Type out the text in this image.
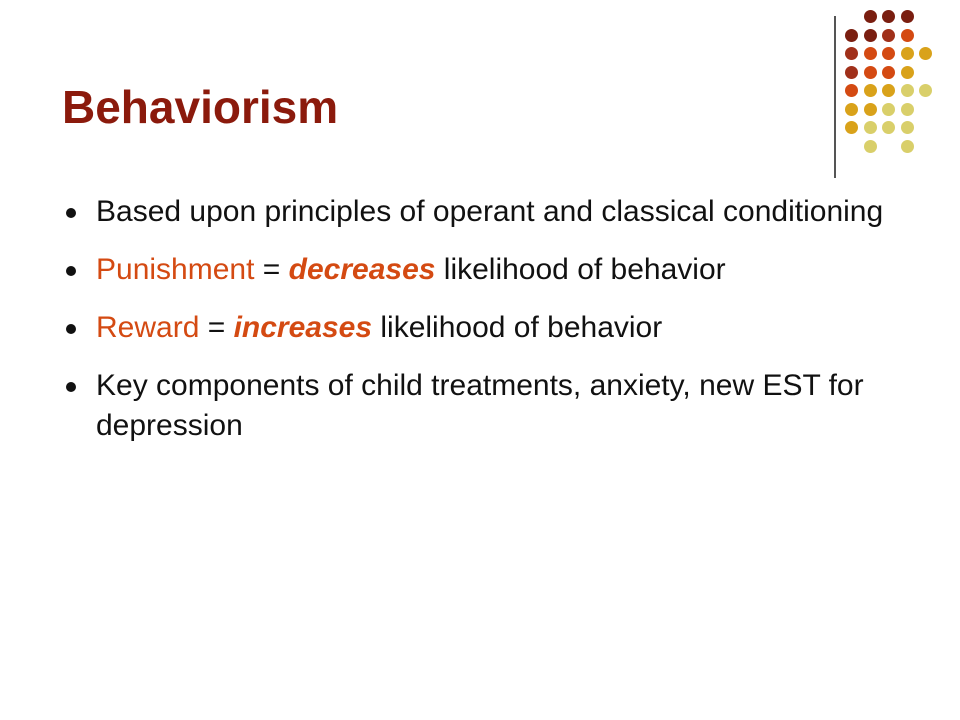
Behaviorism
Based upon principles of operant and classical conditioning
Punishment = decreases likelihood of behavior
Reward = increases likelihood of behavior
Key components of child treatments, anxiety, new EST for depression
